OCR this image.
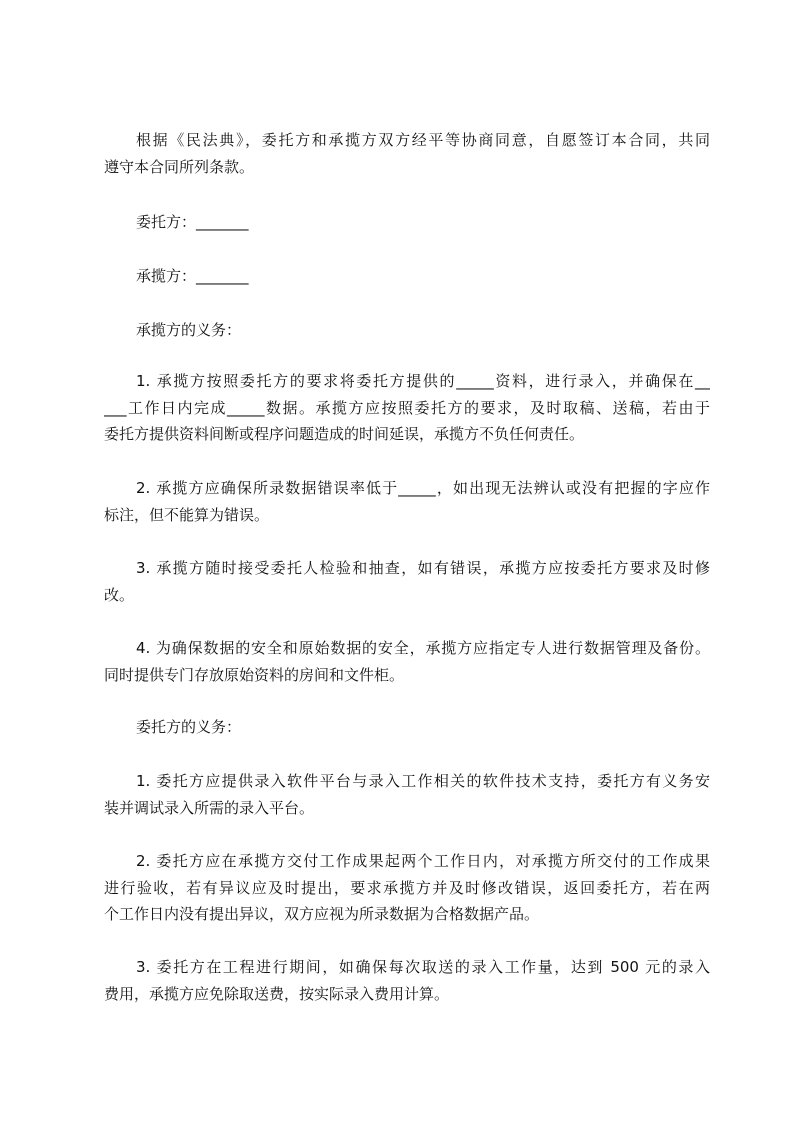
根据《民法典》，委托方和承揽方双方经平等协商同意，自愿签订本合同，共同
遵守本合同所列条款。
委托方：_______
承揽方：_______
承揽方的义务：
1. 承揽方按照委托方的要求将委托方提供的_____资料，进行录入，并确保在__
___工作日内完成_____数据。承揽方应按照委托方的要求，及时取稿、送稿，若由于
委托方提供资料间断或程序问题造成的时间延误，承揽方不负任何责任。
2. 承揽方应确保所录数据错误率低于_____，如出现无法辨认或没有把握的字应作
标注，但不能算为错误。
3. 承揽方随时接受委托人检验和抽查，如有错误，承揽方应按委托方要求及时修
改。
4. 为确保数据的安全和原始数据的安全，承揽方应指定专人进行数据管理及备份。
同时提供专门存放原始资料的房间和文件柜。
委托方的义务：
1. 委托方应提供录入软件平台与录入工作相关的软件技术支持，委托方有义务安
装并调试录入所需的录入平台。
2. 委托方应在承揽方交付工作成果起两个工作日内，对承揽方所交付的工作成果
进行验收，若有异议应及时提出，要求承揽方并及时修改错误，返回委托方，若在两
个工作日内没有提出异议，双方应视为所录数据为合格数据产品。
3. 委托方在工程进行期间，如确保每次取送的录入工作量，达到 500 元的录入
费用，承揽方应免除取送费，按实际录入费用计算。
